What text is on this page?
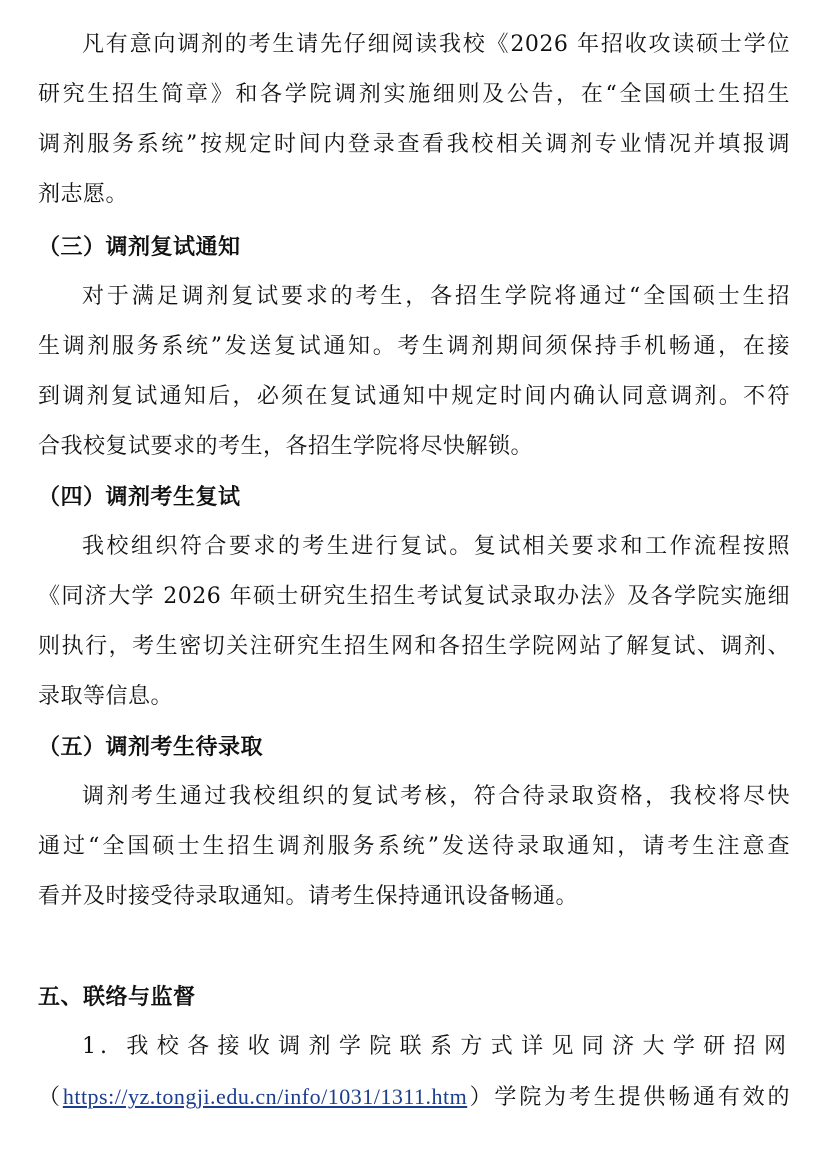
凡有意向调剂的考生请先仔细阅读我校《2026 年招收攻读硕士学位
研究生招生简章》和各学院调剂实施细则及公告，在“全国硕士生招生
调剂服务系统”按规定时间内登录查看我校相关调剂专业情况并填报调
剂志愿。
（三）调剂复试通知
对于满足调剂复试要求的考生，各招生学院将通过“全国硕士生招
生调剂服务系统”发送复试通知。考生调剂期间须保持手机畅通，在接
到调剂复试通知后，必须在复试通知中规定时间内确认同意调剂。不符
合我校复试要求的考生，各招生学院将尽快解锁。
（四）调剂考生复试
我校组织符合要求的考生进行复试。复试相关要求和工作流程按照
《同济大学 2026 年硕士研究生招生考试复试录取办法》及各学院实施细
则执行，考生密切关注研究生招生网和各招生学院网站了解复试、调剂、
录取等信息。
（五）调剂考生待录取
调剂考生通过我校组织的复试考核，符合待录取资格，我校将尽快
通过“全国硕士生招生调剂服务系统”发送待录取通知，请考生注意查
看并及时接受待录取通知。请考生保持通讯设备畅通。
五、联络与监督
1. 我校各接收调剂学院联系方式详见同济大学研招网
（https://yz.tongji.edu.cn/info/1031/1311.htm）学院为考生提供畅通有效的
